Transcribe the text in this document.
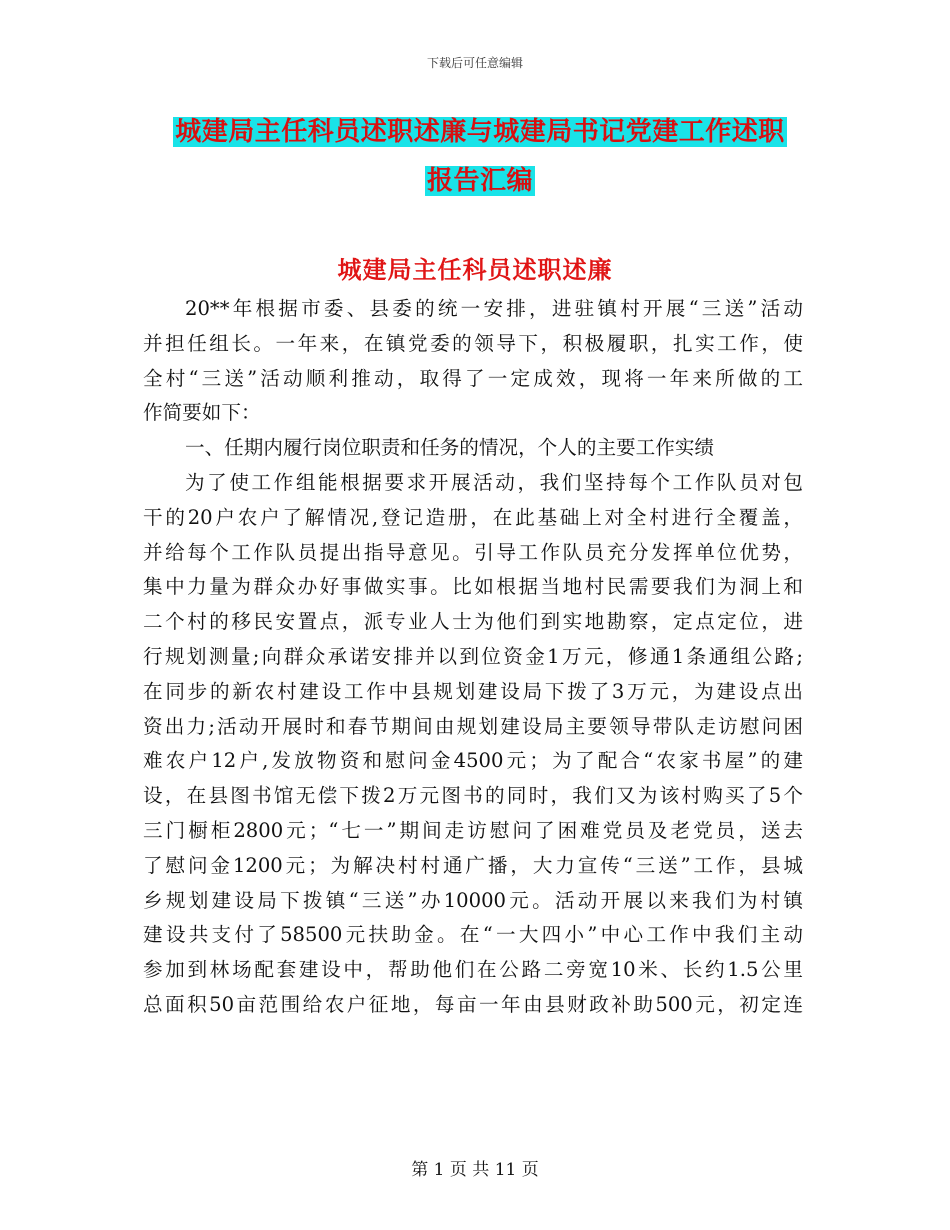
下载后可任意编辑
城建局主任科员述职述廉与城建局书记党建工作述职
报告汇编
城建局主任科员述职述廉
20**年根据市委、县委的统一安排，进驻镇村开展“三送”活动
并担任组长。一年来，在镇党委的领导下，积极履职，扎实工作，使
全村“三送”活动顺利推动，取得了一定成效，现将一年来所做的工
作简要如下：
一、任期内履行岗位职责和任务的情况，个人的主要工作实绩
为了使工作组能根据要求开展活动，我们坚持每个工作队员对包
干的20户农户了解情况,登记造册，在此基础上对全村进行全覆盖，
并给每个工作队员提出指导意见。引导工作队员充分发挥单位优势，
集中力量为群众办好事做实事。比如根据当地村民需要我们为洞上和
二个村的移民安置点，派专业人士为他们到实地勘察，定点定位，进
行规划测量;向群众承诺安排并以到位资金1万元，修通1条通组公路;
在同步的新农村建设工作中县规划建设局下拨了3万元，为建设点出
资出力;活动开展时和春节期间由规划建设局主要领导带队走访慰问困
难农户12户,发放物资和慰问金4500元；为了配合“农家书屋”的建
设，在县图书馆无偿下拨2万元图书的同时，我们又为该村购买了5个
三门橱柜2800元；“七一”期间走访慰问了困难党员及老党员，送去
了慰问金1200元；为解决村村通广播，大力宣传“三送”工作，县城
乡规划建设局下拨镇“三送”办10000元。活动开展以来我们为村镇
建设共支付了58500元扶助金。在“一大四小”中心工作中我们主动
参加到林场配套建设中，帮助他们在公路二旁宽10米、长约1.5公里
总面积50亩范围给农户征地，每亩一年由县财政补助500元，初定连
第 1 页 共 11 页
